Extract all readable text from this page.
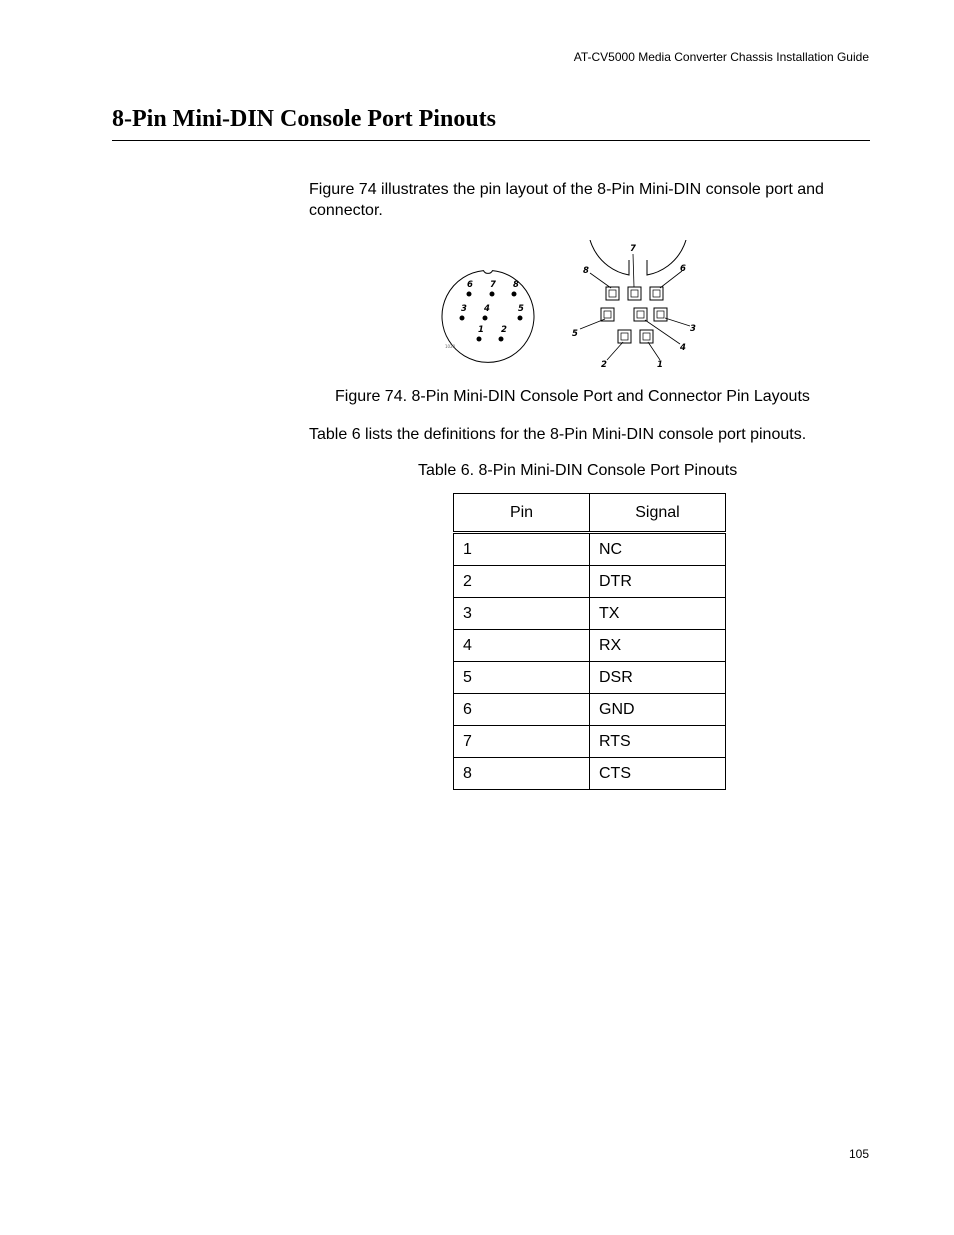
AT-CV5000 Media Converter Chassis Installation Guide
8-Pin Mini-DIN Console Port Pinouts

Figure 74 illustrates the pin layout of the 8-Pin Mini-DIN console port and connector.

6 7 8
3 4	5
1 2
1020
7
8	6
5	3
4
2	1

Figure 74. 8-Pin Mini-DIN Console Port and Connector Pin Layouts

Table 6 lists the definitions for the 8-Pin Mini-DIN console port pinouts.

Table 6. 8-Pin Mini-DIN Console Port Pinouts

Pin	Signal
1	NC
2	DTR
3	TX
4	RX
5	DSR
6	GND
7	RTS
8	CTS
105
